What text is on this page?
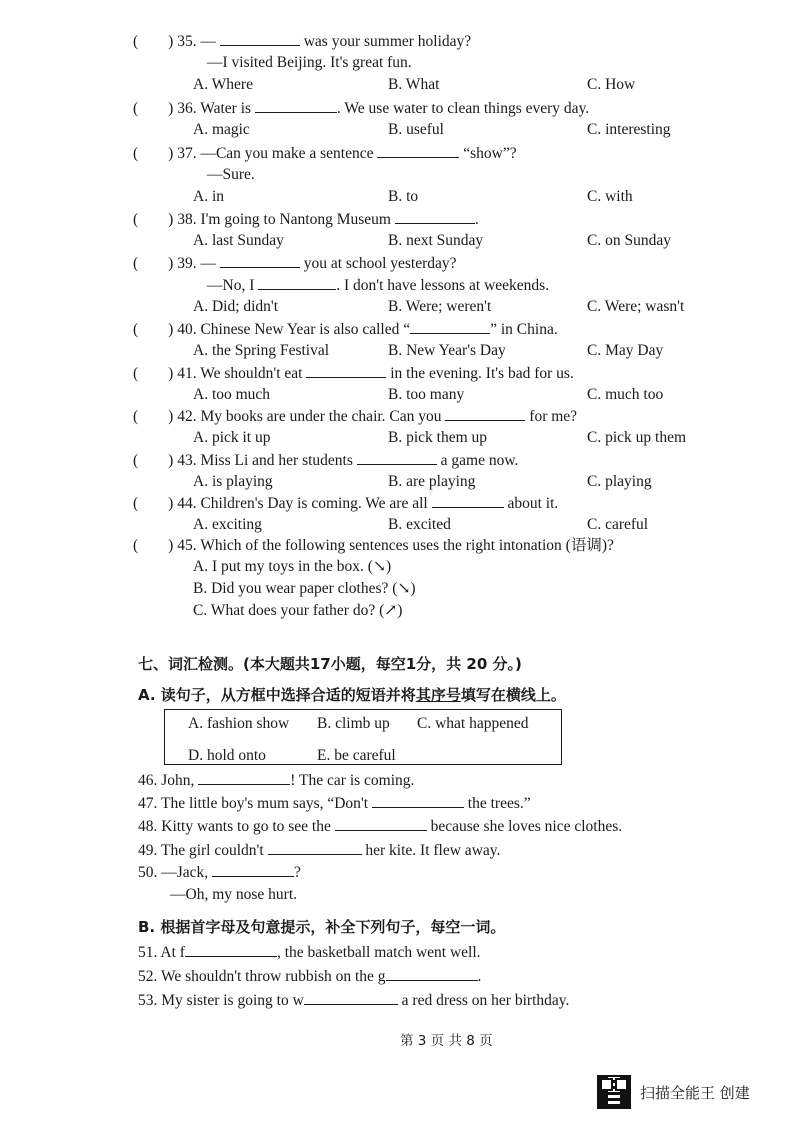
( ) 35. —	was your summer holiday?
—I visited Beijing. It's great fun.
A. Where	B. What	C. How
( ) 36. Water is	. We use water to clean things every day.
A. magic	B. useful	C. interesting
( ) 37. —Can you make a sentence	“show”?
—Sure.
A. in	B. to	C. with
( ) 38. I'm going to Nantong Museum	.
A. last Sunday	B. next Sunday	C. on Sunday
( ) 39. —	you at school yesterday?
—No, I	. I don't have lessons at weekends.
A. Did; didn't	B. Were; weren't	C. Were; wasn't
( ) 40. Chinese New Year is also called “	” in China.
A. the Spring Festival	B. New Year's Day	C. May Day
( ) 41. We shouldn't eat	in the evening. It's bad for us.
A. too much	B. too many	C. much too
( ) 42. My books are under the chair. Can you	for me?
A. pick it up	B. pick them up	C. pick up them
( ) 43. Miss Li and her students	a game now.
A. is playing	B. are playing	C. playing
( ) 44. Children's Day is coming. We are all	about it.
A. exciting	B. excited	C. careful
( ) 45. Which of the following sentences uses the right intonation (语调)?
A. I put my toys in the box. (↘)
B. Did you wear paper clothes? (↘)
C. What does your father do? (↗)
七、词汇检测。(本大题共17小题，每空1分，共 20 分。)
A. 读句子，从方框中选择合适的短语并将其序号填写在横线上。
A. fashion show B. climb up C. what happened
D. hold onto	E. be careful
46. John,	! The car is coming.
47. The little boy's mum says, “Don't	the trees.”
48. Kitty wants to go to see the	because she loves nice clothes.
49. The girl couldn't	her kite. It flew away.
50. —Jack,	?
—Oh, my nose hurt.
B. 根据首字母及句意提示，补全下列句子，每空一词。
51. At f	, the basketball match went well.
52. We shouldn't throw rubbish on the g	.
53. My sister is going to w	a red dress on her birthday.
第 3 页 共 8 页
扫描全能王 创建
